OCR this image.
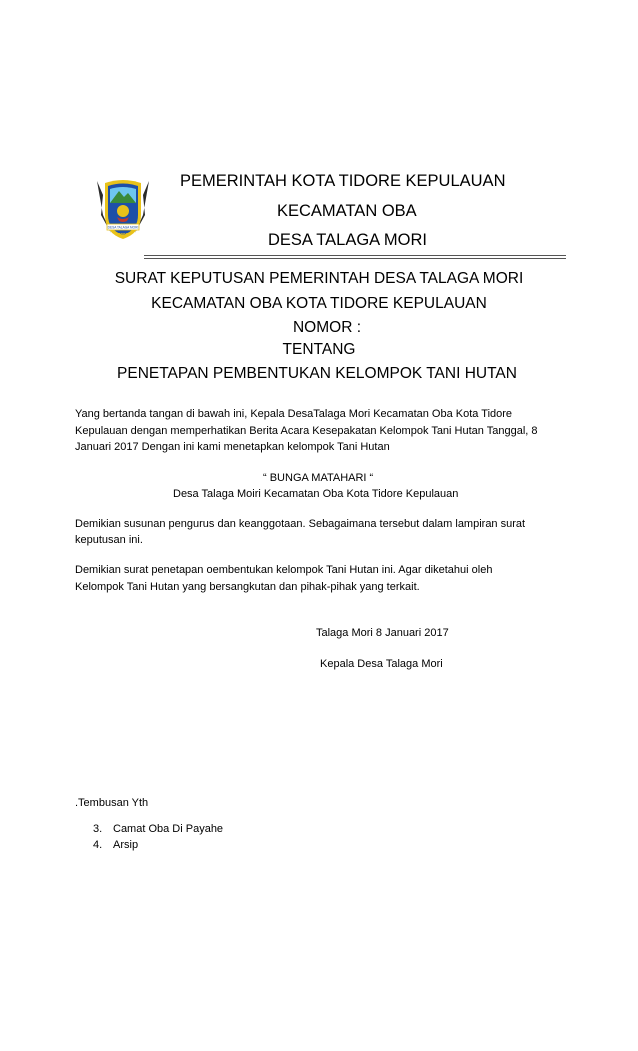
DESA TALAGA MORI
2003
PEMERINTAH KOTA TIDORE KEPULAUAN
KECAMATAN OBA
DESA TALAGA MORI
SURAT KEPUTUSAN PEMERINTAH DESA TALAGA MORI
KECAMATAN OBA KOTA TIDORE KEPULAUAN
NOMOR :
TENTANG
PENETAPAN PEMBENTUKAN KELOMPOK TANI HUTAN
Yang bertanda tangan di bawah ini, Kepala DesaTalaga Mori Kecamatan Oba Kota Tidore
Kepulauan dengan memperhatikan Berita Acara Kesepakatan Kelompok Tani Hutan Tanggal, 8
Januari 2017 Dengan ini kami menetapkan kelompok Tani Hutan
“ BUNGA MATAHARI “
Desa Talaga Moiri Kecamatan Oba Kota Tidore Kepulauan
Demikian susunan pengurus dan keanggotaan. Sebagaimana tersebut dalam lampiran surat
keputusan ini.
Demikian surat penetapan oembentukan kelompok Tani Hutan ini. Agar diketahui oleh
Kelompok Tani Hutan yang bersangkutan dan pihak-pihak yang terkait.
Talaga Mori 8 Januari 2017
Kepala Desa Talaga Mori
.Tembusan Yth
3. Camat Oba Di Payahe
4. Arsip
